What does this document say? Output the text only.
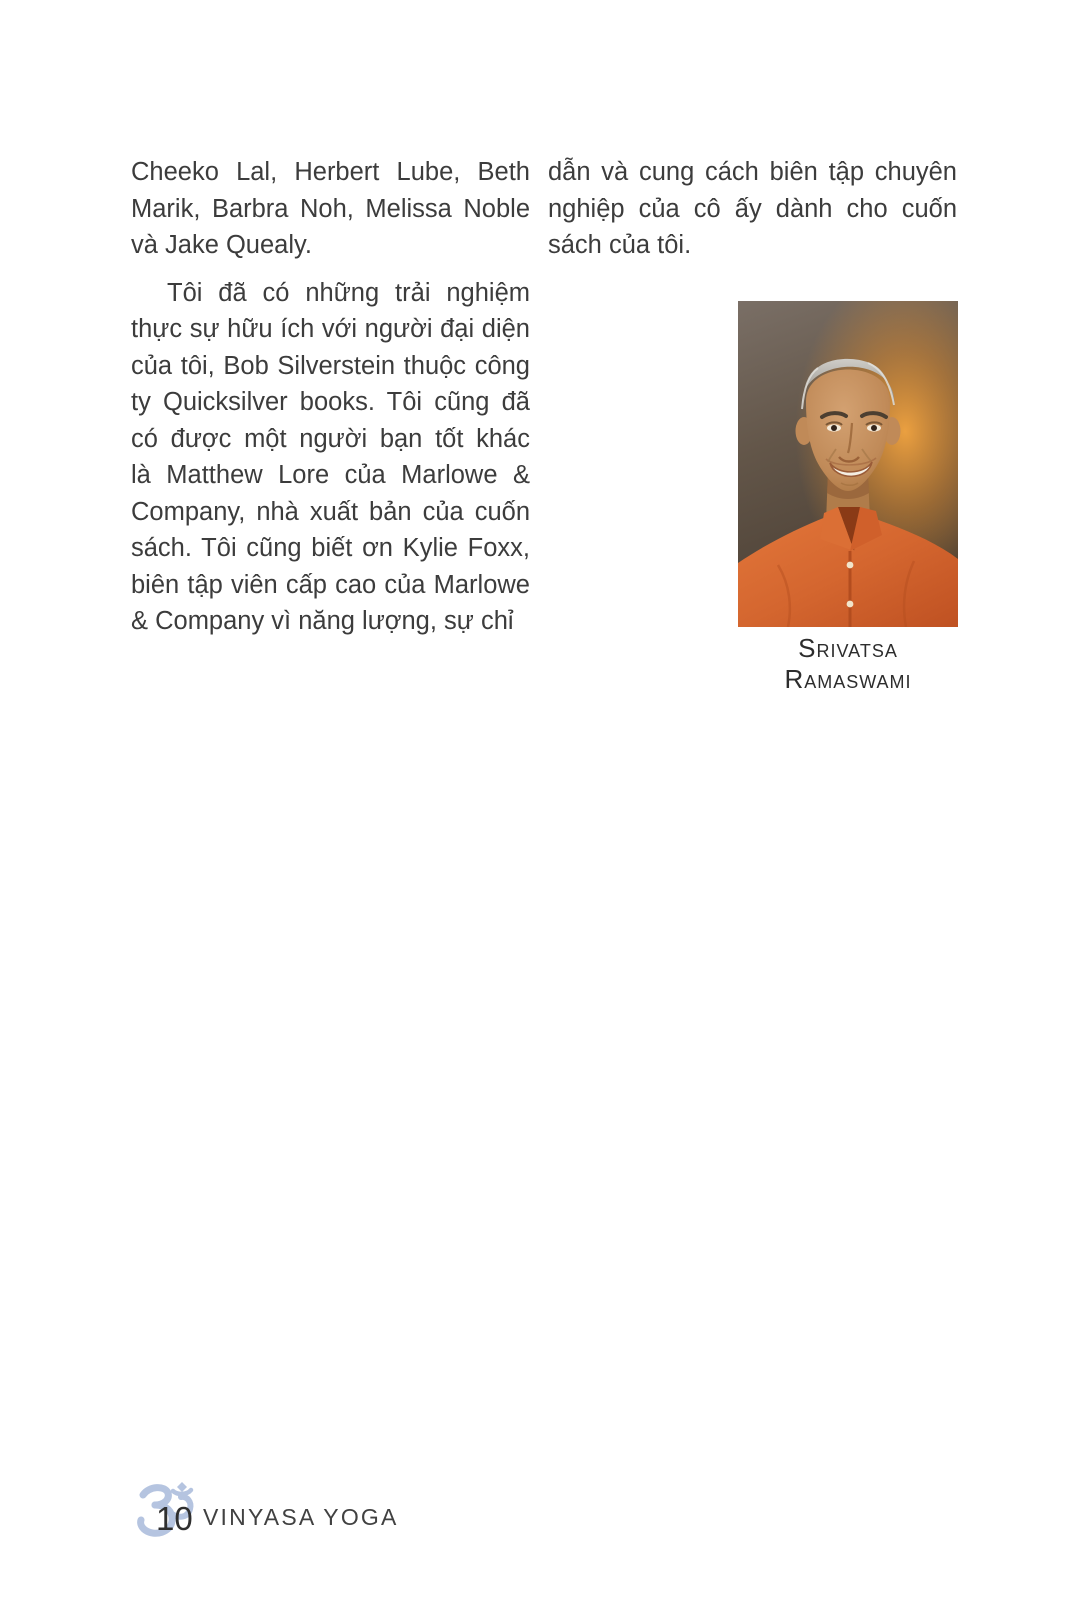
Cheeko Lal, Herbert Lube, Beth
Marik, Barbra Noh, Melissa Noble
và Jake Quealy.
Tôi đã có những trải nghiệm
thực sự hữu ích với người đại diện
của tôi, Bob Silverstein thuộc công
ty Quicksilver books. Tôi cũng đã
có được một người bạn tốt khác
là Matthew Lore của Marlowe &
Company, nhà xuất bản của cuốn
sách. Tôi cũng biết ơn Kylie Foxx,
biên tập viên cấp cao của Marlowe
& Company vì năng lượng, sự chỉ
dẫn và cung cách biên tập chuyên
nghiệp của cô ấy dành cho cuốn
sách của tôi.
Srivatsa Ramaswami
10 VINYASA YOGA
